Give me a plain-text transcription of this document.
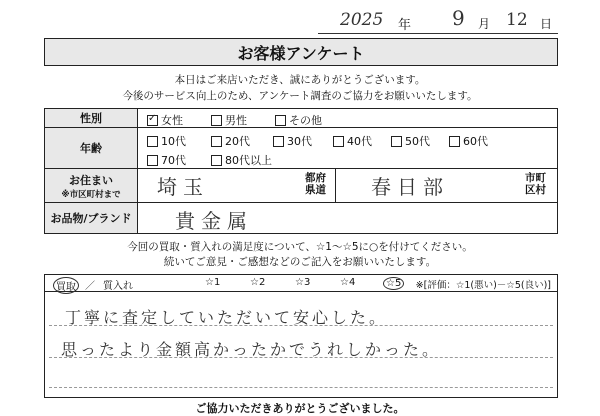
2025 年 9 月 12 日
お客様アンケート
本日はご来店いただき、誠にありがとうございます。
今後のサービス向上のため、アンケート調査のご協力をお願いいたします。
性別
✓	女性	男性	その他
年齢
10代	20代	30代	40代	50代	60代
70代	80代以上
お住まい
※市区町村まで 埼玉	都府
県道 春日部	市町
区村
お品物/ブランド 貴金属
今回の買取・質入れの満足度について、☆1～☆5に○を付けてください。
続いてご意見・ご感想などのご記入をお願いいたします。
買取 ／ 質入れ	☆1	☆2	☆3	☆4	☆5	※[評価：☆1(悪い)－☆5(良い)]
丁寧に査定していただいて安心した。
思ったより金額高かったかでうれしかった。
ご協力いただきありがとうございました。
